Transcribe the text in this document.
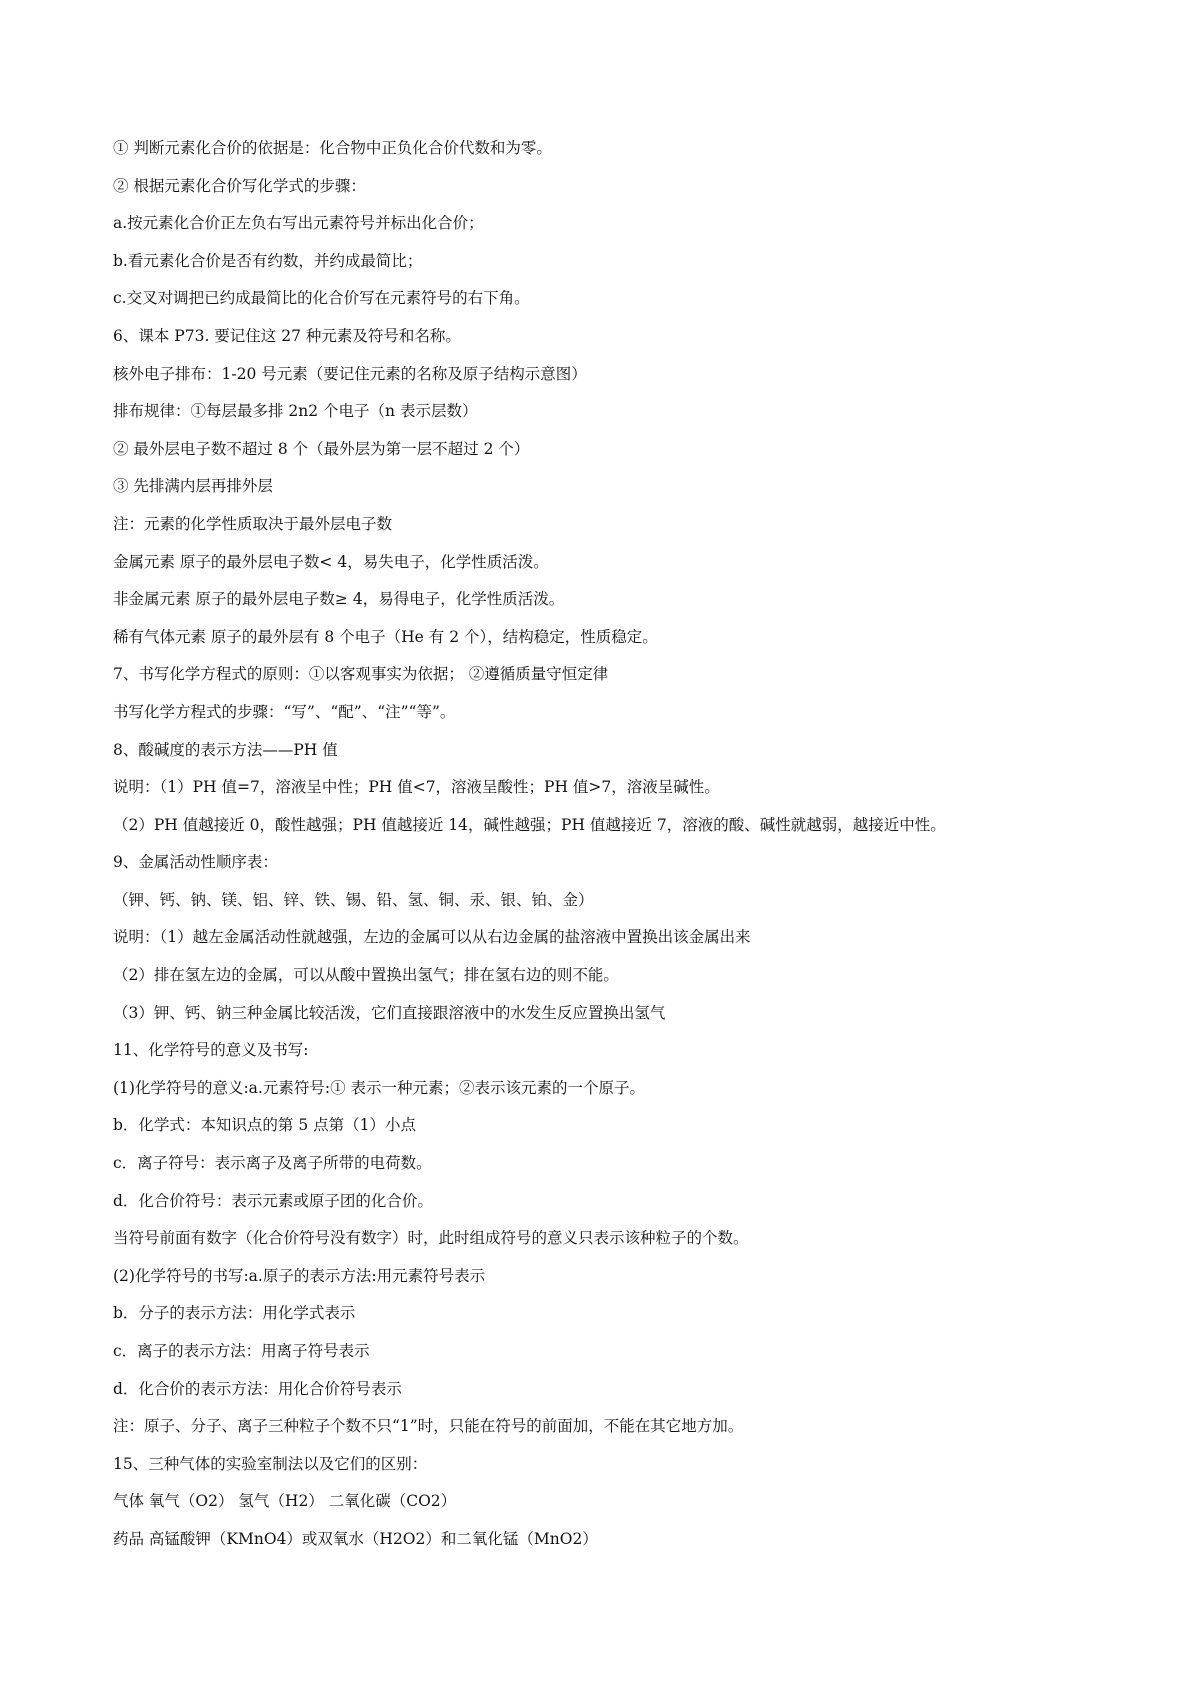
① 判断元素化合价的依据是：化合物中正负化合价代数和为零。

② 根据元素化合价写化学式的步骤：

a.按元素化合价正左负右写出元素符号并标出化合价；

b.看元素化合价是否有约数，并约成最简比；

c.交叉对调把已约成最简比的化合价写在元素符号的右下角。

6、课本 P73. 要记住这 27 种元素及符号和名称。

核外电子排布：1-20 号元素（要记住元素的名称及原子结构示意图）

排布规律：①每层最多排 2n2 个电子（n 表示层数）

② 最外层电子数不超过 8 个（最外层为第一层不超过 2 个）

③ 先排满内层再排外层

注：元素的化学性质取决于最外层电子数

金属元素 原子的最外层电子数< 4，易失电子，化学性质活泼。

非金属元素 原子的最外层电子数≥ 4，易得电子，化学性质活泼。

稀有气体元素 原子的最外层有 8 个电子（He 有 2 个），结构稳定，性质稳定。

7、书写化学方程式的原则：①以客观事实为依据； ②遵循质量守恒定律

书写化学方程式的步骤：“写”、“配”、“注”“等”。

8、酸碱度的表示方法——PH 值

说明：（1）PH 值=7，溶液呈中性；PH 值<7，溶液呈酸性；PH 值>7，溶液呈碱性。

（2）PH 值越接近 0，酸性越强；PH 值越接近 14，碱性越强；PH 值越接近 7，溶液的酸、碱性就越弱，越接近中性。

9、金属活动性顺序表：

（钾、钙、钠、镁、铝、锌、铁、锡、铅、氢、铜、汞、银、铂、金）

说明：（1）越左金属活动性就越强，左边的金属可以从右边金属的盐溶液中置换出该金属出来

（2）排在氢左边的金属，可以从酸中置换出氢气；排在氢右边的则不能。

（3）钾、钙、钠三种金属比较活泼，它们直接跟溶液中的水发生反应置换出氢气

11、化学符号的意义及书写:

(1)化学符号的意义:a.元素符号:① 表示一种元素；②表示该元素的一个原子。

b．化学式：本知识点的第 5 点第（1）小点

c．离子符号：表示离子及离子所带的电荷数。

d．化合价符号：表示元素或原子团的化合价。

当符号前面有数字（化合价符号没有数字）时，此时组成符号的意义只表示该种粒子的个数。

(2)化学符号的书写:a.原子的表示方法:用元素符号表示

b．分子的表示方法：用化学式表示

c．离子的表示方法：用离子符号表示

d．化合价的表示方法：用化合价符号表示

注：原子、分子、离子三种粒子个数不只“1”时，只能在符号的前面加，不能在其它地方加。

15、三种气体的实验室制法以及它们的区别：

气体 氧气（O2） 氢气（H2） 二氧化碳（CO2）

药品 高锰酸钾（KMnO4）或双氧水（H2O2）和二氧化锰（MnO2）
